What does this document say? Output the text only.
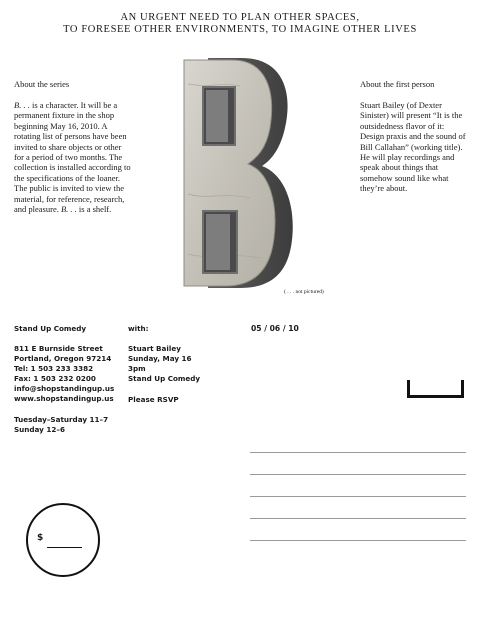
AN URGENT NEED TO PLAN OTHER SPACES,
TO FORESEE OTHER ENVIRONMENTS, TO IMAGINE OTHER LIVES
About the series
B. . . is a character. It will be a permanent fixture in the shop beginning May 16, 2010. A rotating list of persons have been invited to share objects or other for a period of two months. The collection is installed according to the specifications of the loaner. The public is invited to view the material, for reference, research, and pleasure. B. . . is a shelf.
About the first person
Stuart Bailey (of Dexter Sinister) will present “It is the outsidedness flavor of it: Design praxis and the sound of Bill Callahan” (working title). He will play recordings and speak about things that somehow sound like what they’re about.
( . . . not pictured)
Stand Up Comedy
811 E Burnside Street
Portland, Oregon 97214
Tel: 1 503 233 3382
Fax: 1 503 232 0200
info@shopstandingup.us
www.shopstandingup.us
Tuesday–Saturday 11–7
Sunday 12–6
with:
Stuart Bailey
Sunday, May 16
3pm
Stand Up Comedy
Please RSVP
05 / 06 / 10
$
